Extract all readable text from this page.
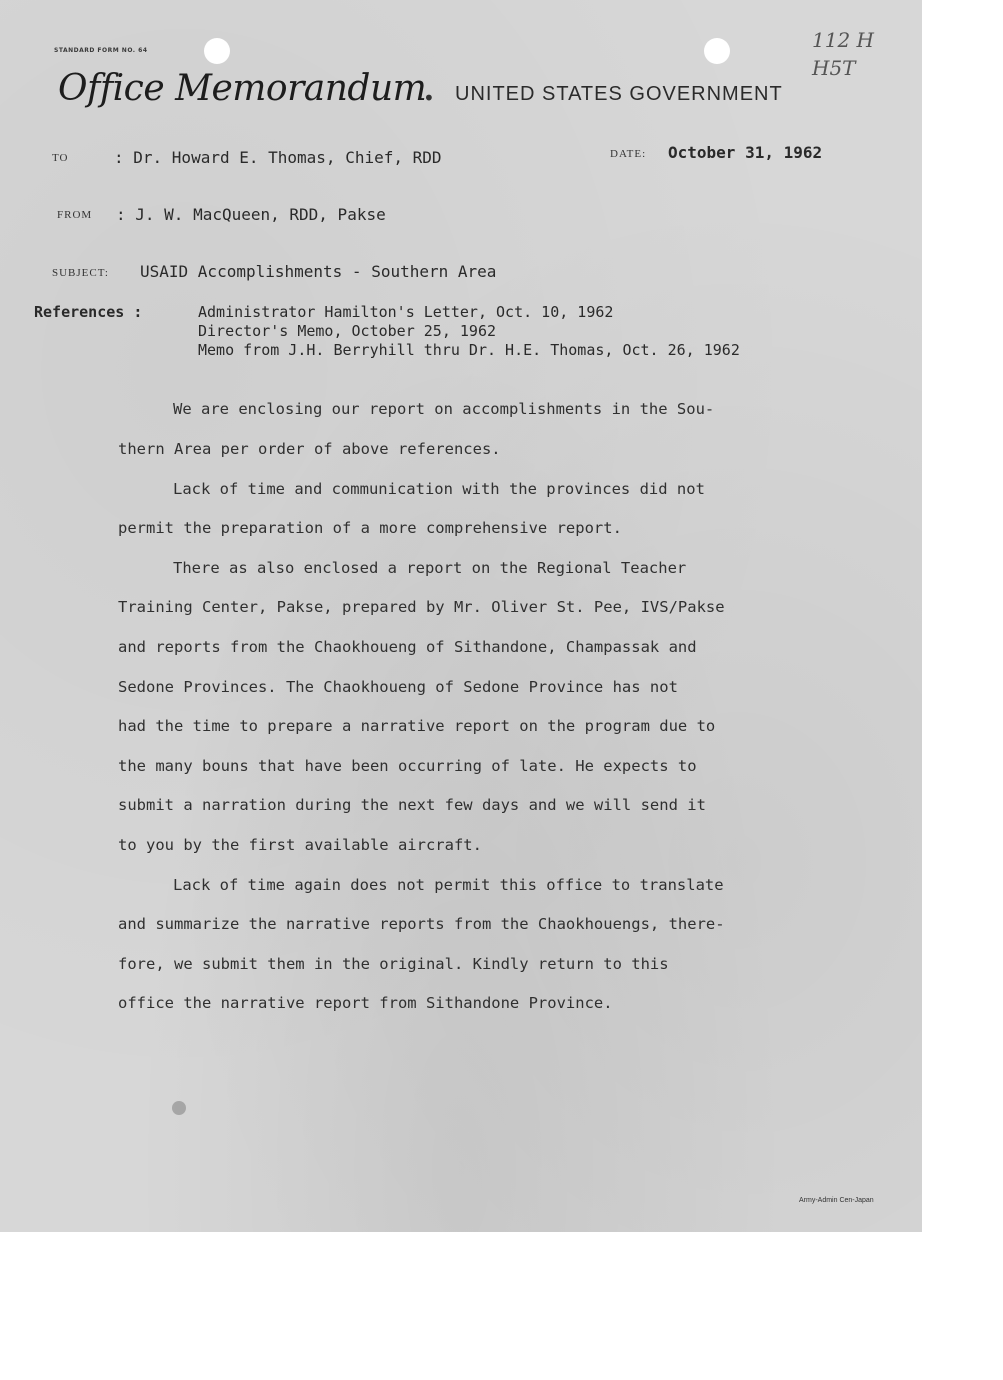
STANDARD FORM NO. 64
Office Memorandum
• UNITED STATES GOVERNMENT
112 H
H5T
TO	: Dr. Howard E. Thomas, Chief, RDD	DATE: October 31, 1962
FROM : J. W. MacQueen, RDD, Pakse
SUBJECT: USAID Accomplishments - Southern Area
References :	Administrator Hamilton's Letter, Oct. 10, 1962
Director's Memo, October 25, 1962
Memo from J.H. Berryhill thru Dr. H.E. Thomas, Oct. 26, 1962
We are enclosing our report on accomplishments in the Sou-
thern Area per order of above references.
Lack of time and communication with the provinces did not
permit the preparation of a more comprehensive report.
There as also enclosed a report on the Regional Teacher
Training Center, Pakse, prepared by Mr. Oliver St. Pee, IVS/Pakse
and reports from the Chaokhoueng of Sithandone, Champassak and
Sedone Provinces. The Chaokhoueng of Sedone Province has not
had the time to prepare a narrative report on the program due to
the many bouns that have been occurring of late. He expects to
submit a narration during the next few days and we will send it
to you by the first available aircraft.
Lack of time again does not permit this office to translate
and summarize the narrative reports from the Chaokhouengs, there-
fore, we submit them in the original. Kindly return to this
office the narrative report from Sithandone Province.
Army-Admin Cen-Japan
